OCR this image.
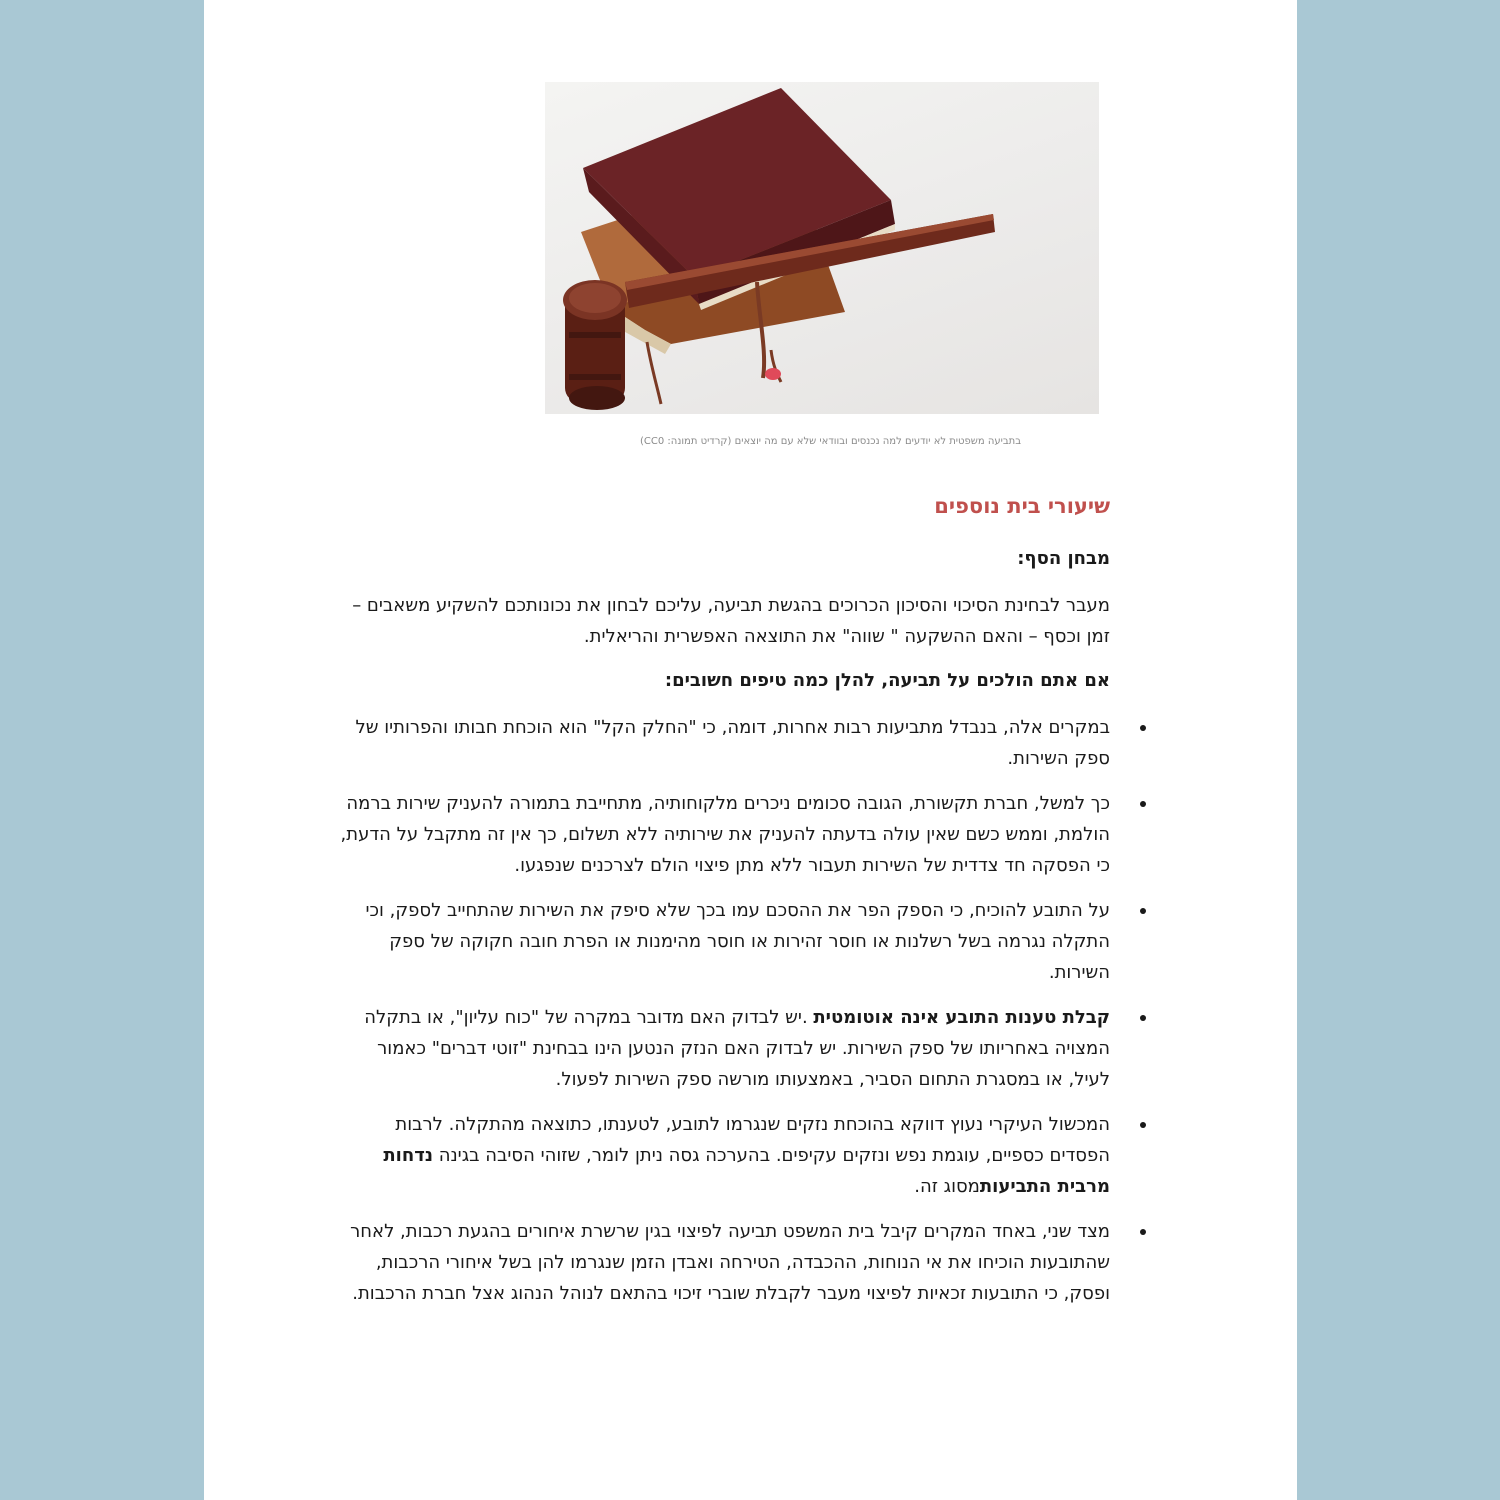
בתביעה משפטית לא יודעים למה נכנסים ובוודאי שלא עם מה יוצאים (קרדיט תמונה: CC0)
שיעורי בית נוספים
מבחן הסף:

מעבר לבחינת הסיכוי והסיכון הכרוכים בהגשת תביעה, עליכם לבחון את נכונותכם להשקיע משאבים – זמן וכסף – והאם ההשקעה " שווה" את התוצאה האפשרית והריאלית.

אם אתם הולכים על תביעה, להלן כמה טיפים חשובים:
במקרים אלה, בנבדל מתביעות רבות אחרות, דומה, כי "החלק הקל" הוא הוכחת חבותו והפרותיו של ספק השירות.
כך למשל, חברת תקשורת, הגובה סכומים ניכרים מלקוחותיה, מתחייבת בתמורה להעניק שירות ברמה הולמת, וממש כשם שאין עולה בדעתה להעניק את שירותיה ללא תשלום, כך אין זה מתקבל על הדעת, כי הפסקה חד צדדית של השירות תעבור ללא מתן פיצוי הולם לצרכנים שנפגעו.
על התובע להוכיח, כי הספק הפר את ההסכם עמו בכך שלא סיפק את השירות שהתחייב לספק, וכי התקלה נגרמה בשל רשלנות או חוסר זהירות או חוסר מהימנות או הפרת חובה חקוקה של ספק השירות.
קבלת טענות התובע אינה אוטומטית .יש לבדוק האם מדובר במקרה של "כוח עליון", או בתקלה המצויה באחריותו של ספק השירות. יש לבדוק האם הנזק הנטען הינו בבחינת "זוטי דברים" כאמור לעיל, או במסגרת התחום הסביר, באמצעותו מורשה ספק השירות לפעול.
המכשול העיקרי נעוץ דווקא בהוכחת נזקים שנגרמו לתובע, לטענתו, כתוצאה מהתקלה. לרבות הפסדים כספיים, עוגמת נפש ונזקים עקיפים. בהערכה גסה ניתן לומר, שזוהי הסיבה בגינה נדחות מרבית התביעותמסוג זה.
מצד שני, באחד המקרים קיבל בית המשפט תביעה לפיצוי בגין שרשרת איחורים בהגעת רכבות, לאחר שהתובעות הוכיחו את אי הנוחות, ההכבדה, הטירחה ואבדן הזמן שנגרמו להן בשל איחורי הרכבות, ופסק, כי התובעות זכאיות לפיצוי מעבר לקבלת שוברי זיכוי בהתאם לנוהל הנהוג אצל חברת הרכבות.
